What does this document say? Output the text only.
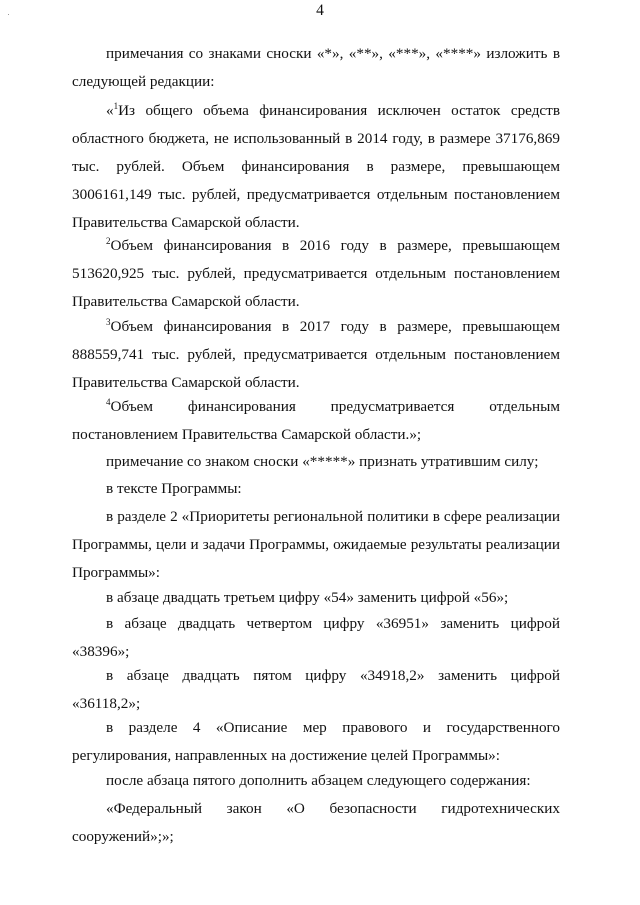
4
примечания со знаками сноски «*», «**», «***», «****» изложить в следующей редакции:
«$^1$Из общего объема финансирования исключен остаток средств областного бюджета, не использованный в 2014 году, в размере 37176,869 тыс. рублей. Объем финансирования в размере, превышающем 3006161,149 тыс. рублей, предусматривается отдельным постановлением Правительства Самарской области.
$^2$Объем финансирования в 2016 году в размере, превышающем 513620,925 тыс. рублей, предусматривается отдельным постановлением Правительства Самарской области.
$^3$Объем финансирования в 2017 году в размере, превышающем 888559,741 тыс. рублей, предусматривается отдельным постановлением Правительства Самарской области.
$^4$Объем финансирования предусматривается отдельным постановлением Правительства Самарской области.»;
примечание со знаком сноски «*****» признать утратившим силу;
в тексте Программы:
в разделе 2 «Приоритеты региональной политики в сфере реализации Программы, цели и задачи Программы, ожидаемые результаты реализации Программы»:
в абзаце двадцать третьем цифру «54» заменить цифрой «56»;
в абзаце двадцать четвертом цифру «36951» заменить цифрой «38396»;
в абзаце двадцать пятом цифру «34918,2» заменить цифрой «36118,2»;
в разделе 4 «Описание мер правового и государственного регулирования, направленных на достижение целей Программы»:
после абзаца пятого дополнить абзацем следующего содержания:
«Федеральный закон «О безопасности гидротехнических сооружений»;»;
